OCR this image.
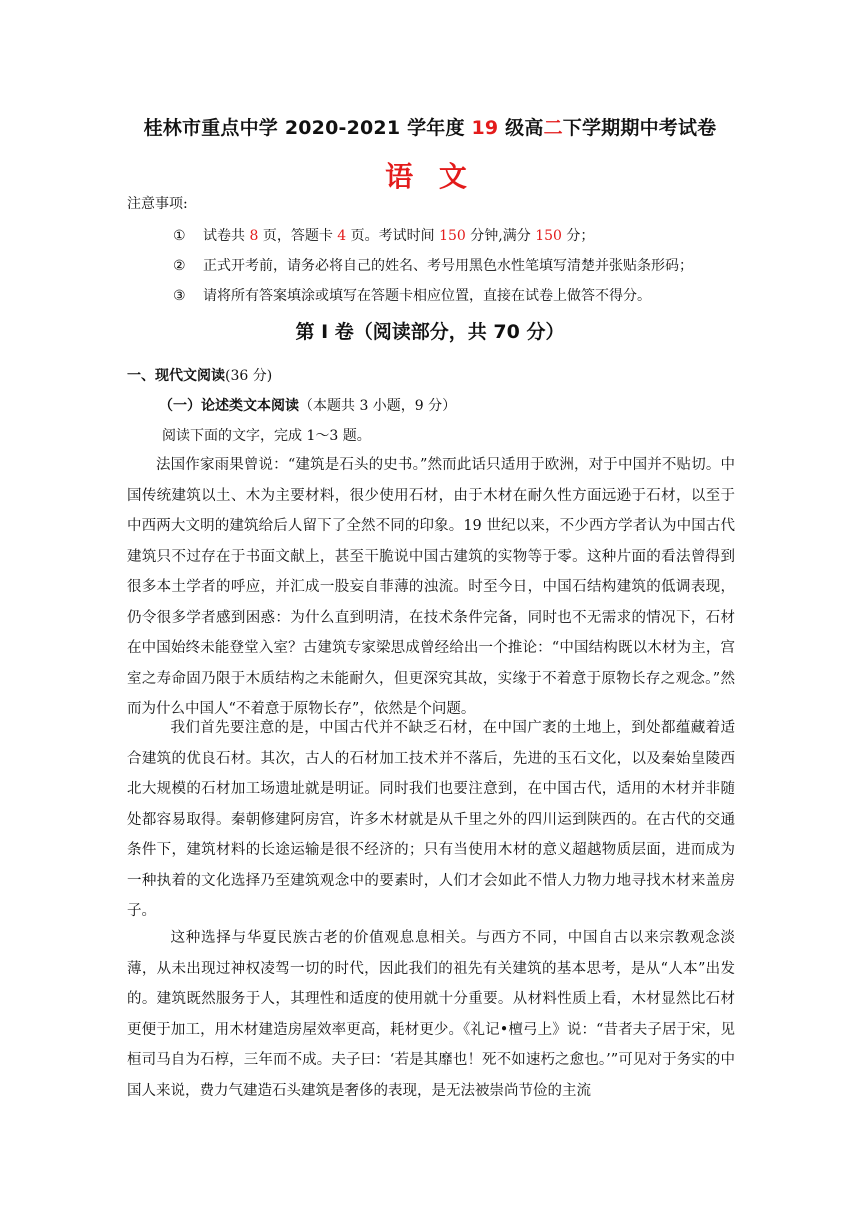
桂林市重点中学 2020-2021 学年度 19 级高二下学期期中考试卷
语 文
注意事项:
① 试卷共 8 页，答题卡 4 页。考试时间 150 分钟,满分 150 分；
② 正式开考前，请务必将自己的姓名、考号用黑色水性笔填写清楚并张贴条形码；
③ 请将所有答案填涂或填写在答题卡相应位置，直接在试卷上做答不得分。
第 I 卷（阅读部分，共 70 分）
一、现代文阅读(36 分)
（一）论述类文本阅读（本题共 3 小题，9 分）
阅读下面的文字，完成 1～3 题。

法国作家雨果曾说：“建筑是石头的史书。”然而此话只适用于欧洲，对于中国并不贴切。中国传统建筑以土、木为主要材料，很少使用石材，由于木材在耐久性方面远逊于石材，以至于中西两大文明的建筑给后人留下了全然不同的印象。19 世纪以来，不少西方学者认为中国古代建筑只不过存在于书面文献上，甚至干脆说中国古建筑的实物等于零。这种片面的看法曾得到很多本土学者的呼应，并汇成一股妄自菲薄的浊流。时至今日，中国石结构建筑的低调表现，仍令很多学者感到困惑：为什么直到明清，在技术条件完备，同时也不无需求的情况下，石材在中国始终未能登堂入室？古建筑专家梁思成曾经给出一个推论：“中国结构既以木材为主，宫室之寿命固乃限于木质结构之未能耐久，但更深究其故，实缘于不着意于原物长存之观念。”然而为什么中国人“不着意于原物长存”，依然是个问题。

我们首先要注意的是，中国古代并不缺乏石材，在中国广袤的土地上，到处都蕴藏着适合建筑的优良石材。其次，古人的石材加工技术并不落后，先进的玉石文化，以及秦始皇陵西北大规模的石材加工场遗址就是明证。同时我们也要注意到，在中国古代，适用的木材并非随处都容易取得。秦朝修建阿房宫，许多木材就是从千里之外的四川运到陕西的。在古代的交通条件下，建筑材料的长途运输是很不经济的；只有当使用木材的意义超越物质层面，进而成为一种执着的文化选择乃至建筑观念中的要素时，人们才会如此不惜人力物力地寻找木材来盖房子。

这种选择与华夏民族古老的价值观息息相关。与西方不同，中国自古以来宗教观念淡薄，从未出现过神权凌驾一切的时代，因此我们的祖先有关建筑的基本思考，是从“人本”出发的。建筑既然服务于人，其理性和适度的使用就十分重要。从材料性质上看，木材显然比石材更便于加工，用木材建造房屋效率更高，耗材更少。《礼记•檀弓上》说：“昔者夫子居于宋，见桓司马自为石椁，三年而不成。夫子曰：‘若是其靡也！死不如速朽之愈也。’”可见对于务实的中国人来说，费力气建造石头建筑是奢侈的表现，是无法被崇尚节俭的主流
